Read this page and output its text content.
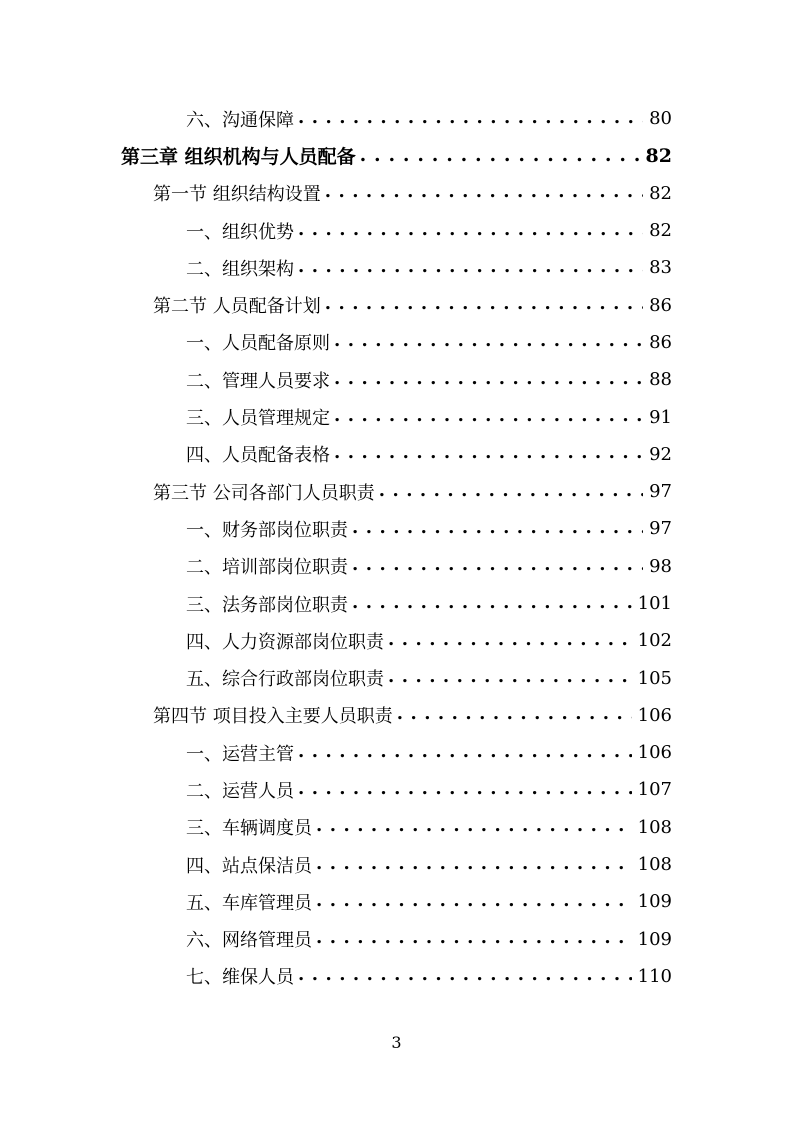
六、沟通保障 . . .	80
第三章 组织机构与人员配备 . . .	82
第一节 组织结构设置 . . .	82
一、组织优势 . . .	82
二、组织架构 . . .	83
第二节 人员配备计划 . . .	86
一、人员配备原则 . . .	86
二、管理人员要求 . . .	88
三、人员管理规定 . . .	91
四、人员配备表格 . . .	92
第三节 公司各部门人员职责 . . .	97
一、财务部岗位职责 . . .	97
二、培训部岗位职责 . . .	98
三、法务部岗位职责 . . .	101
四、人力资源部岗位职责 . . .	102
五、综合行政部岗位职责 . . .	105
第四节 项目投入主要人员职责 . . .	106
一、运营主管 . . .	106
二、运营人员 . . .	107
三、车辆调度员 . . .	108
四、站点保洁员 . . .	108
五、车库管理员 . . .	109
六、网络管理员 . . .	109
七、维保人员 . . .	110
3
